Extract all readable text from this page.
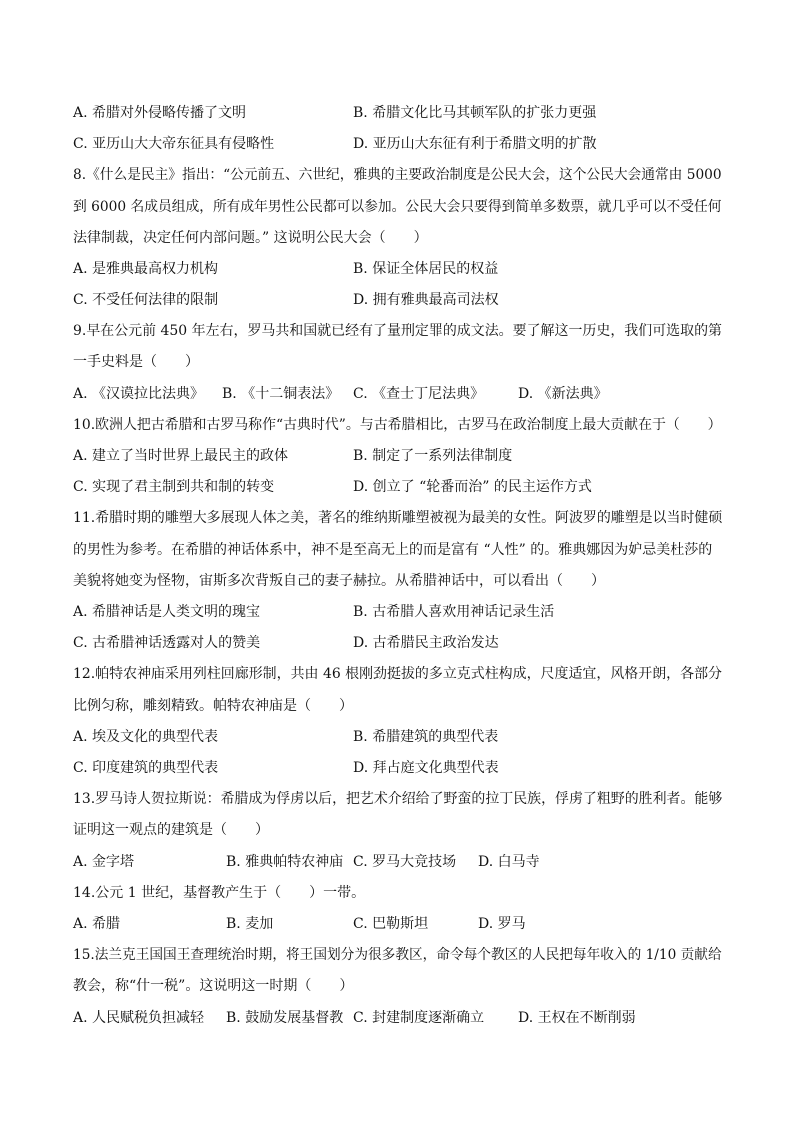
A. 希腊对外侵略传播了文明	B. 希腊文化比马其顿军队的扩张力更强
C. 亚历山大大帝东征具有侵略性	D. 亚历山大东征有利于希腊文明的扩散
8.《什么是民主》指出：“公元前五、六世纪，雅典的主要政治制度是公民大会，这个公民大会通常由 5000
到 6000 名成员组成，所有成年男性公民都可以参加。公民大会只要得到简单多数票，就几乎可以不受任何
法律制裁，决定任何内部问题。” 这说明公民大会（　　）
A. 是雅典最高权力机构	B. 保证全体居民的权益
C. 不受任何法律的限制	D. 拥有雅典最高司法权
9.早在公元前 450 年左右，罗马共和国就已经有了量刑定罪的成文法。要了解这一历史，我们可选取的第
一手史料是（　　）
A. 《汉谟拉比法典》 B. 《十二铜表法》 C. 《查士丁尼法典》 D. 《新法典》
10.欧洲人把古希腊和古罗马称作“古典时代”。与古希腊相比，古罗马在政治制度上最大贡献在于（　　）
A. 建立了当时世界上最民主的政体	B. 制定了一系列法律制度
C. 实现了君主制到共和制的转变	D. 创立了 “轮番而治” 的民主运作方式
11.希腊时期的雕塑大多展现人体之美，著名的维纳斯雕塑被视为最美的女性。阿波罗的雕塑是以当时健硕
的男性为参考。在希腊的神话体系中，神不是至高无上的而是富有 “人性” 的。雅典娜因为妒忌美杜莎的
美貌将她变为怪物，宙斯多次背叛自己的妻子赫拉。从希腊神话中，可以看出（　　）
A. 希腊神话是人类文明的瑰宝	B. 古希腊人喜欢用神话记录生活
C. 古希腊神话透露对人的赞美	D. 古希腊民主政治发达
12.帕特农神庙采用列柱回廊形制，共由 46 根刚劲挺拔的多立克式柱构成，尺度适宜，风格开朗，各部分
比例匀称，雕刻精致。帕特农神庙是（　　）
A. 埃及文化的典型代表	B. 希腊建筑的典型代表
C. 印度建筑的典型代表	D. 拜占庭文化典型代表
13.罗马诗人贺拉斯说：希腊成为俘虏以后，把艺术介绍给了野蛮的拉丁民族，俘虏了粗野的胜利者。能够
证明这一观点的建筑是（　　）
A. 金字塔	B. 雅典帕特农神庙 C. 罗马大竞技场 D. 白马寺
14.公元 1 世纪，基督教产生于（　　）一带。
A. 希腊	B. 麦加	C. 巴勒斯坦	D. 罗马
15.法兰克王国国王查理统治时期，将王国划分为很多教区，命令每个教区的人民把每年收入的 1/10 贡献给
教会，称“什一税”。这说明这一时期（　　）
A. 人民赋税负担减轻 B. 鼓励发展基督教 C. 封建制度逐渐确立 D. 王权在不断削弱
